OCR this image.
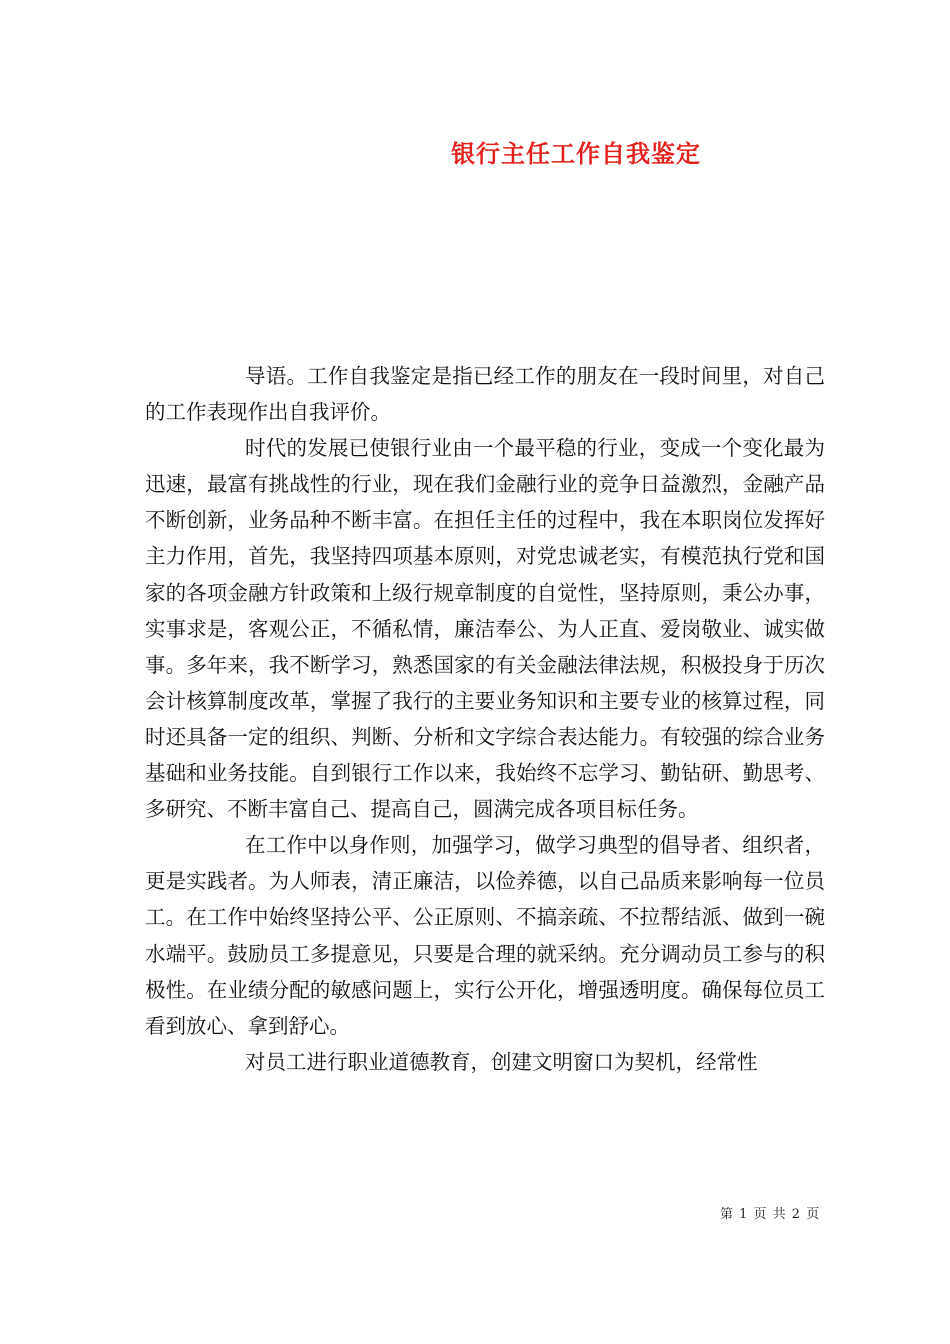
银行主任工作自我鉴定

导语。工作自我鉴定是指已经工作的朋友在一段时间里，对自己的工作表现作出自我评价。

时代的发展已使银行业由一个最平稳的行业，变成一个变化最为迅速，最富有挑战性的行业，现在我们金融行业的竞争日益激烈，金融产品不断创新，业务品种不断丰富。在担任主任的过程中，我在本职岗位发挥好主力作用，首先，我坚持四项基本原则，对党忠诚老实，有模范执行党和国家的各项金融方针政策和上级行规章制度的自觉性，坚持原则，秉公办事，实事求是，客观公正，不循私情，廉洁奉公、为人正直、爱岗敬业、诚实做事。多年来，我不断学习，熟悉国家的有关金融法律法规，积极投身于历次会计核算制度改革，掌握了我行的主要业务知识和主要专业的核算过程，同时还具备一定的组织、判断、分析和文字综合表达能力。有较强的综合业务基础和业务技能。自到银行工作以来，我始终不忘学习、勤钻研、勤思考、多研究、不断丰富自己、提高自己，圆满完成各项目标任务。

在工作中以身作则，加强学习，做学习典型的倡导者、组织者，更是实践者。为人师表，清正廉洁，以俭养德，以自己品质来影响每一位员工。在工作中始终坚持公平、公正原则、不搞亲疏、不拉帮结派、做到一碗水端平。鼓励员工多提意见，只要是合理的就采纳。充分调动员工参与的积极性。在业绩分配的敏感问题上，实行公开化，增强透明度。确保每位员工看到放心、拿到舒心。

对员工进行职业道德教育，创建文明窗口为契机，经常性

第 1 页 共 2 页
